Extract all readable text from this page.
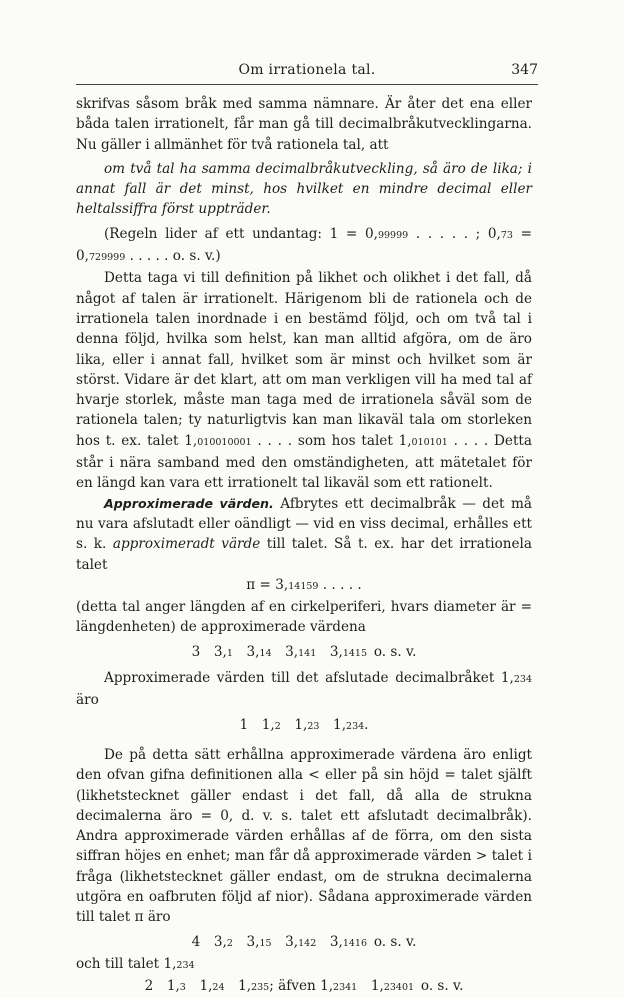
Om irrationela tal.	347

skrifvas såsom bråk med samma nämnare. Är åter det ena eller båda talen irrationelt, får man gå till decimalbråkutvecklingarna. Nu gäller i allmänhet för två rationela tal, att

om två tal ha samma decimalbråkutveckling, så äro de lika; i annat fall är det minst, hos hvilket en mindre decimal eller heltalssiffra först uppträder.

(Regeln lider af ett undantag: 1 = 0,99999 . . . . . ; 0,73 = 0,729999 . . . . . o. s. v.)

Detta taga vi till definition på likhet och olikhet i det fall, då något af talen är irrationelt. Härigenom bli de rationela och de irrationela talen inordnade i en bestämd följd, och om två tal i denna följd, hvilka som helst, kan man alltid afgöra, om de äro lika, eller i annat fall, hvilket som är minst och hvilket som är störst. Vidare är det klart, att om man verkligen vill ha med tal af hvarje storlek, måste man taga med de irrationela såväl som de rationela talen; ty naturligtvis kan man likaväl tala om storleken hos t. ex. talet 1,010010001 . . . . som hos talet 1,010101 . . . . Detta står i nära samband med den omständigheten, att mätetalet för en längd kan vara ett irrationelt tal likaväl som ett rationelt.

Approximerade värden. Afbrytes ett decimalbråk — det må nu vara afslutadt eller oändligt — vid en viss decimal, erhålles ett s. k. approximeradt värde till talet. Så t. ex. har det irrationela talet

π = 3,14159 . . . . .

(detta tal anger längden af en cirkelperiferi, hvars diameter är = längdenheten) de approximerade värdena

3  3,1  3,14  3,141  3,1415  o. s. v.

Approximerade värden till det afslutade decimalbråket 1,234 äro

1  1,2  1,23  1,234.

De på detta sätt erhållna approximerade värdena äro enligt den ofvan gifna definitionen alla < eller på sin höjd = talet själft (likhetstecknet gäller endast i det fall, då alla de strukna decimalerna äro = 0, d. v. s. talet ett afslutadt decimalbråk). Andra approximerade värden erhållas af de förra, om den sista siffran höjes en enhet; man får då approximerade värden > talet i fråga (likhetstecknet gäller endast, om de strukna decimalerna utgöra en oafbruten följd af nior). Sådana approximerade värden till talet π äro

4  3,2  3,15  3,142  3,1416  o. s. v.

och till talet 1,234

2  1,3  1,24  1,235; äfven 1,2341  1,23401  o. s. v.
